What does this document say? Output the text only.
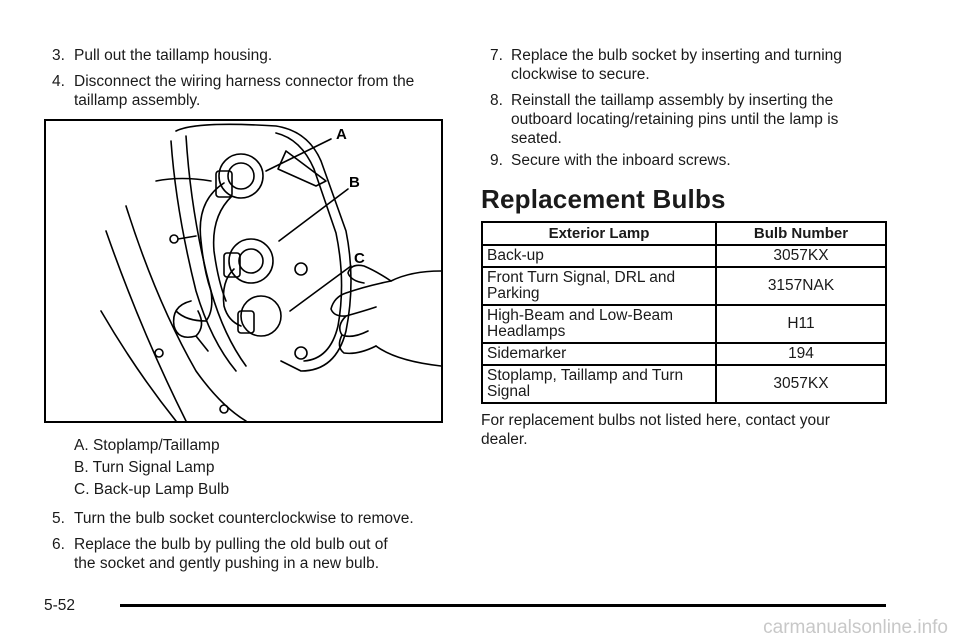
3. Pull out the taillamp housing.
4. Disconnect the wiring harness connector from the
taillamp assembly.
A
B
C
A. Stoplamp/Taillamp
B. Turn Signal Lamp
C. Back-up Lamp Bulb
5. Turn the bulb socket counterclockwise to remove.
6. Replace the bulb by pulling the old bulb out of
the socket and gently pushing in a new bulb.
7. Replace the bulb socket by inserting and turning
clockwise to secure.
8. Reinstall the taillamp assembly by inserting the
outboard locating/retaining pins until the lamp is
seated.
9. Secure with the inboard screws.
Replacement Bulbs
Exterior Lamp	Bulb Number
Back-up	3057KX
Front Turn Signal, DRL and
Parking	3157NAK
High-Beam and Low-Beam
Headlamps	H11
Sidemarker	194
Stoplamp, Taillamp and Turn
Signal	3057KX
For replacement bulbs not listed here, contact your
dealer.
5-52
carmanualsonline.info
